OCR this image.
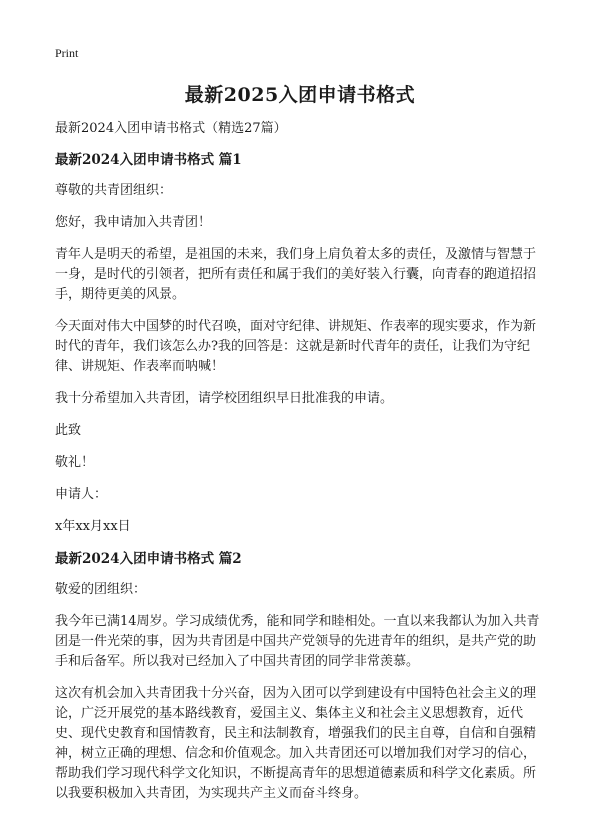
Print
最新2025入团申请书格式

最新2024入团申请书格式（精选27篇）

最新2024入团申请书格式 篇1

尊敬的共青团组织：

您好，我申请加入共青团！

青年人是明天的希望，是祖国的未来，我们身上肩负着太多的责任，及激情与智慧于一身，是时代的引领者，把所有责任和属于我们的美好装入行囊，向青春的跑道招招手，期待更美的风景。

今天面对伟大中国梦的时代召唤，面对守纪律、讲规矩、作表率的现实要求，作为新时代的青年，我们该怎么办?我的回答是：这就是新时代青年的责任，让我们为守纪律、讲规矩、作表率而呐喊！

我十分希望加入共青团，请学校团组织早日批准我的申请。

此致

敬礼！

申请人：

x年xx月xx日

最新2024入团申请书格式 篇2

敬爱的团组织：

我今年已满14周岁。学习成绩优秀，能和同学和睦相处。一直以来我都认为加入共青团是一件光荣的事，因为共青团是中国共产党领导的先进青年的组织，是共产党的助手和后备军。所以我对已经加入了中国共青团的同学非常羡慕。

这次有机会加入共青团我十分兴奋，因为入团可以学到建设有中国特色社会主义的理论，广泛开展党的基本路线教育，爱国主义、集体主义和社会主义思想教育，近代史、现代史教育和国情教育，民主和法制教育，增强我们的民主自尊，自信和自强精神，树立正确的理想、信念和价值观念。加入共青团还可以增加我们对学习的信心，帮助我们学习现代科学文化知识，不断提高青年的思想道德素质和科学文化素质。所以我要积极加入共青团，为实现共产主义而奋斗终身。
